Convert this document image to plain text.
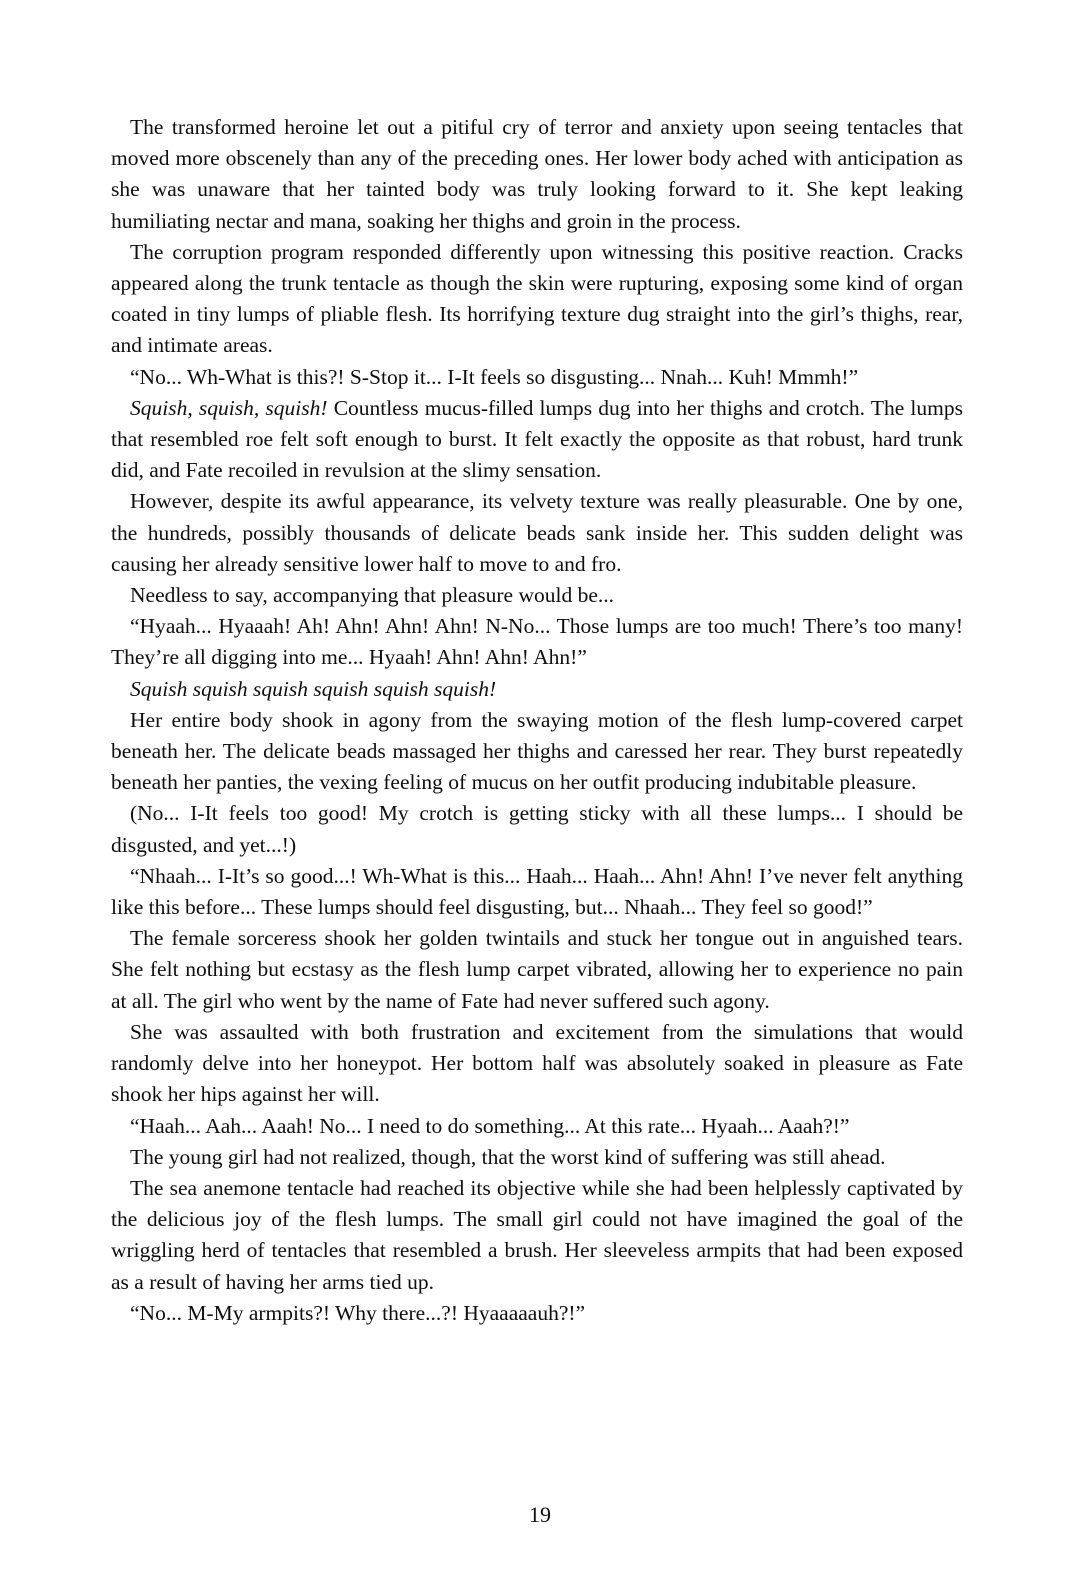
The transformed heroine let out a pitiful cry of terror and anxiety upon seeing tentacles that moved more obscenely than any of the preceding ones. Her lower body ached with anticipation as she was unaware that her tainted body was truly looking forward to it. She kept leaking humiliating nectar and mana, soaking her thighs and groin in the process.

The corruption program responded differently upon witnessing this positive reaction. Cracks appeared along the trunk tentacle as though the skin were rupturing, exposing some kind of organ coated in tiny lumps of pliable flesh. Its horrifying texture dug straight into the girl’s thighs, rear, and intimate areas.

“No... Wh-What is this?! S-Stop it... I-It feels so disgusting... Nnah... Kuh! Mmmh!”

Squish, squish, squish! Countless mucus-filled lumps dug into her thighs and crotch. The lumps that resembled roe felt soft enough to burst. It felt exactly the opposite as that robust, hard trunk did, and Fate recoiled in revulsion at the slimy sensation.

However, despite its awful appearance, its velvety texture was really pleasurable. One by one, the hundreds, possibly thousands of delicate beads sank inside her. This sudden delight was causing her already sensitive lower half to move to and fro.

Needless to say, accompanying that pleasure would be...

“Hyaah... Hyaaah! Ah! Ahn! Ahn! Ahn! N-No... Those lumps are too much! There’s too many! They’re all digging into me... Hyaah! Ahn! Ahn! Ahn!”

Squish squish squish squish squish squish!

Her entire body shook in agony from the swaying motion of the flesh lump-covered carpet beneath her. The delicate beads massaged her thighs and caressed her rear. They burst repeatedly beneath her panties, the vexing feeling of mucus on her outfit producing indubitable pleasure.

(No... I-It feels too good! My crotch is getting sticky with all these lumps... I should be disgusted, and yet...!)

“Nhaah... I-It’s so good...! Wh-What is this... Haah... Haah... Ahn! Ahn! I’ve never felt anything like this before... These lumps should feel disgusting, but... Nhaah... They feel so good!”

The female sorceress shook her golden twintails and stuck her tongue out in anguished tears. She felt nothing but ecstasy as the flesh lump carpet vibrated, allowing her to experience no pain at all. The girl who went by the name of Fate had never suffered such agony.

She was assaulted with both frustration and excitement from the simulations that would randomly delve into her honeypot. Her bottom half was absolutely soaked in pleasure as Fate shook her hips against her will.

“Haah... Aah... Aaah! No... I need to do something... At this rate... Hyaah... Aaah?!”

The young girl had not realized, though, that the worst kind of suffering was still ahead.

The sea anemone tentacle had reached its objective while she had been helplessly captivated by the delicious joy of the flesh lumps. The small girl could not have imagined the goal of the wriggling herd of tentacles that resembled a brush. Her sleeveless armpits that had been exposed as a result of having her arms tied up.

“No... M-My armpits?! Why there...?! Hyaaaaauh?!”

19
